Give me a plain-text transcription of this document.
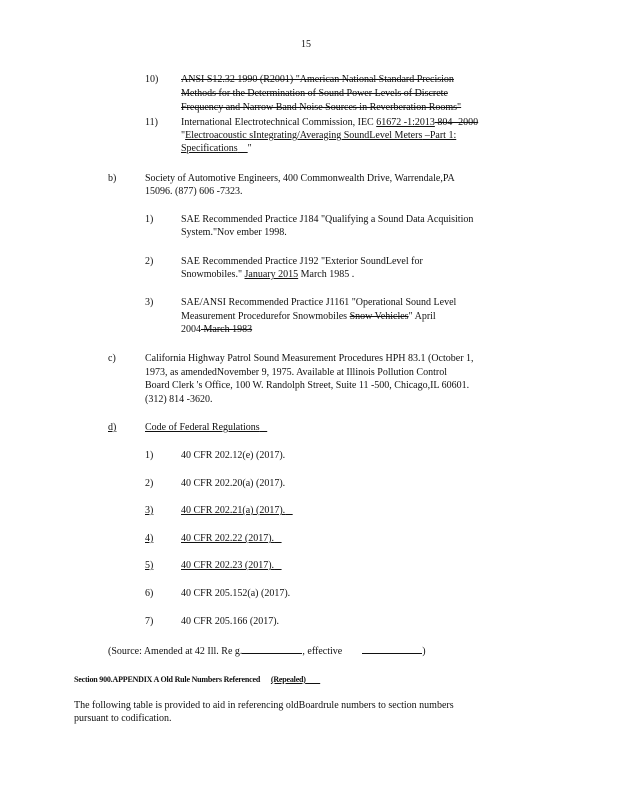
15
10) ANSI S12.32 1990 (R2001) "American National Standard Precision
Methods for the Determination of Sound Power Levels of Discrete
Frequency and Narrow Band Noise Sources in Reverberation Rooms"
11) International Electrotechnical Commission, IEC 61672 -1:2013 804 -2000
"Electroacoustic sIntegrating/Averaging SoundLevel Meters –Part 1:
Specifications "
b)	Society of Automotive Engineers, 400 Commonwealth Drive, Warrendale,PA
15096. (877) 606 -7323.
1)	SAE Recommended Practice J184 "Qualifying a Sound Data Acquisition
System."Nov ember 1998.
2)	SAE Recommended Practice J192 "Exterior SoundLevel for
Snowmobiles." January 2015 March 1985 .
3)	SAE/ANSI Recommended Practice J1161 "Operational Sound Level
Measurement Procedurefor Snowmobiles Snow Vehicles" April
2004 March 1983
c)	California Highway Patrol Sound Measurement Procedures HPH 83.1 (October 1,
1973, as amendedNovember 9, 1975. Available at Illinois Pollution Control
Board Clerk 's Office, 100 W. Randolph Street, Suite 11 -500, Chicago,IL 60601.
(312) 814 -3620.
d)	Code of Federal Regulations
1)	40 CFR 202.12(e) (2017).
2)	40 CFR 202.20(a) (2017).
3)	40 CFR 202.21(a) (2017).
4)	40 CFR 202.22 (2017).
5)	40 CFR 202.23 (2017).
6)	40 CFR 205.152(a) (2017).
7)	40 CFR 205.166 (2017).
(Source: Amended at 42 Ill. Re g.	, effective	)
Section 900.APPENDIX A Old Rule Numbers Referenced (Repealed)
The following table is provided to aid in referencing oldBoardrule numbers to section numbers
pursuant to codification.
